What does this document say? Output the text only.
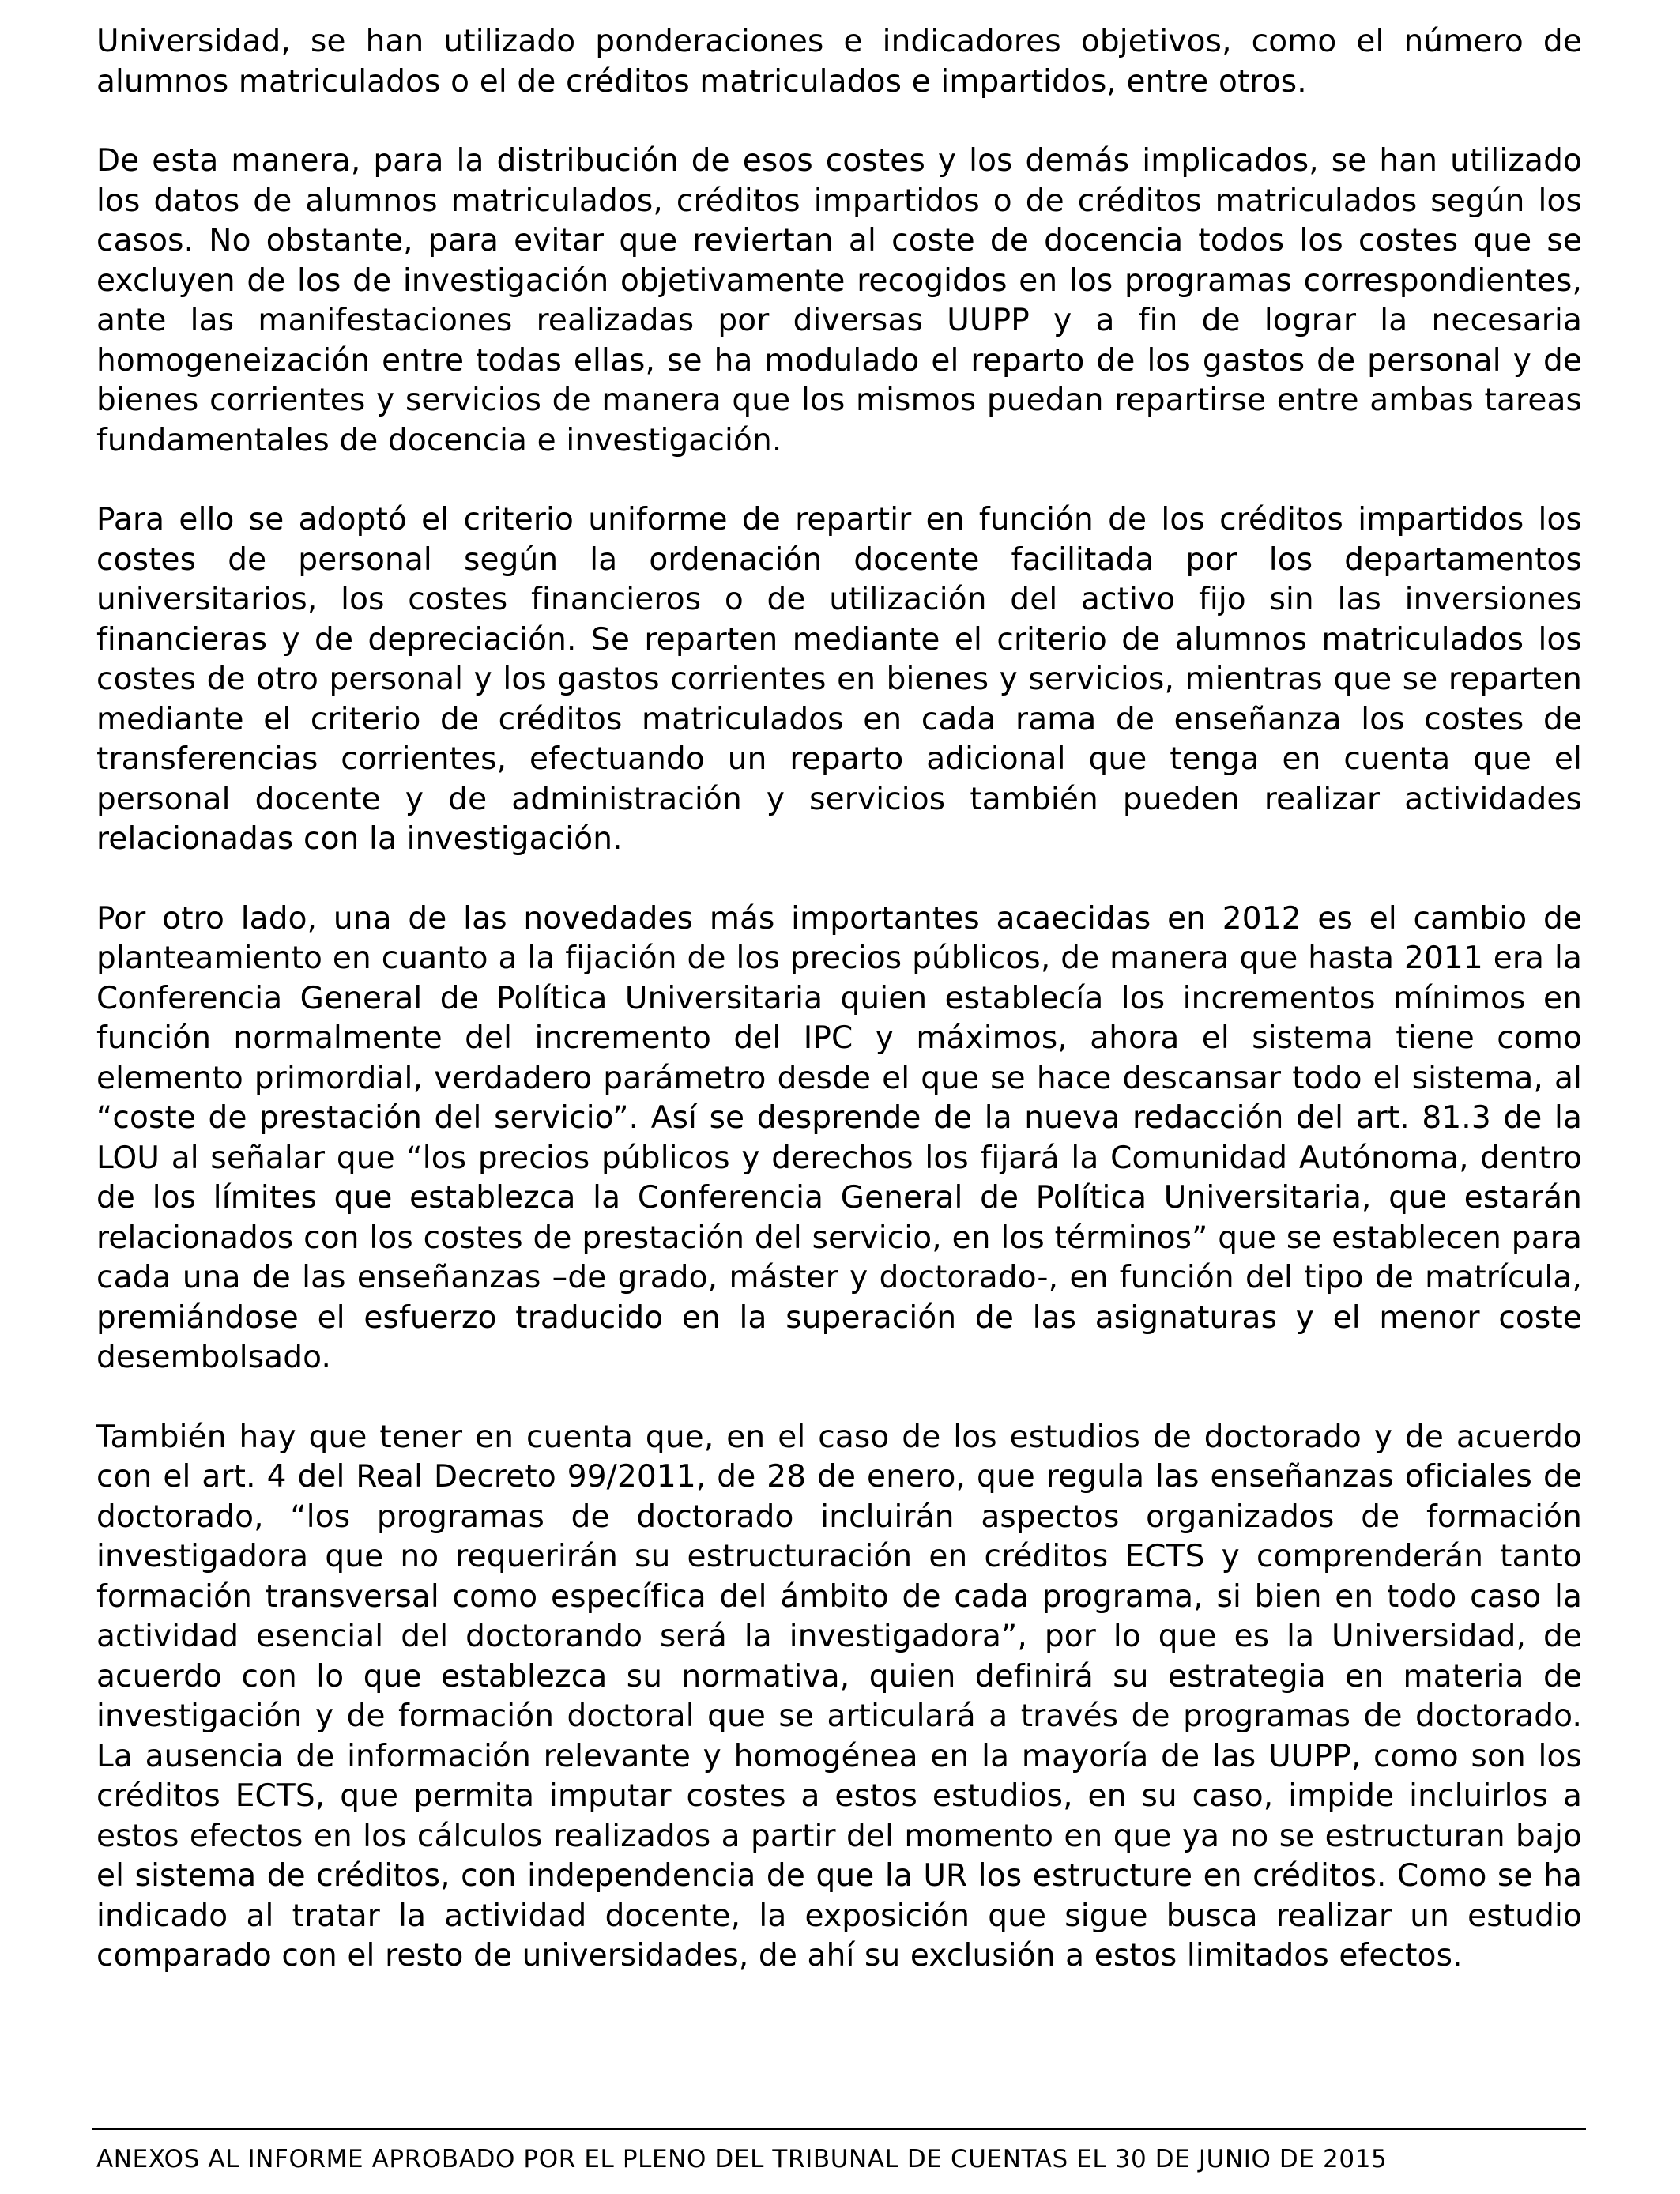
Universidad, se han utilizado ponderaciones e indicadores objetivos, como el número de alumnos matriculados o el de créditos matriculados e impartidos, entre otros.

De esta manera, para la distribución de esos costes y los demás implicados, se han utilizado los datos de alumnos matriculados, créditos impartidos o de créditos matriculados según los casos. No obstante, para evitar que reviertan al coste de docencia todos los costes que se excluyen de los de investigación objetivamente recogidos en los programas correspondientes, ante las manifestaciones realizadas por diversas UUPP y a fin de lograr la necesaria homogeneización entre todas ellas, se ha modulado el reparto de los gastos de personal y de bienes corrientes y servicios de manera que los mismos puedan repartirse entre ambas tareas fundamentales de docencia e investigación.

Para ello se adoptó el criterio uniforme de repartir en función de los créditos impartidos los costes de personal según la ordenación docente facilitada por los departamentos universitarios, los costes financieros o de utilización del activo fijo sin las inversiones financieras y de depreciación. Se reparten mediante el criterio de alumnos matriculados los costes de otro personal y los gastos corrientes en bienes y servicios, mientras que se reparten mediante el criterio de créditos matriculados en cada rama de enseñanza los costes de transferencias corrientes, efectuando un reparto adicional que tenga en cuenta que el personal docente y de administración y servicios también pueden realizar actividades relacionadas con la investigación.

Por otro lado, una de las novedades más importantes acaecidas en 2012 es el cambio de planteamiento en cuanto a la fijación de los precios públicos, de manera que hasta 2011 era la Conferencia General de Política Universitaria quien establecía los incrementos mínimos en función normalmente del incremento del IPC y máximos, ahora el sistema tiene como elemento primordial, verdadero parámetro desde el que se hace descansar todo el sistema, al “coste de prestación del servicio”. Así se desprende de la nueva redacción del art. 81.3 de la LOU al señalar que “los precios públicos y derechos los fijará la Comunidad Autónoma, dentro de los límites que establezca la Conferencia General de Política Universitaria, que estarán relacionados con los costes de prestación del servicio, en los términos” que se establecen para cada una de las enseñanzas –de grado, máster y doctorado-, en función del tipo de matrícula, premiándose el esfuerzo traducido en la superación de las asignaturas y el menor coste desembolsado.

También hay que tener en cuenta que, en el caso de los estudios de doctorado y de acuerdo con el art. 4 del Real Decreto 99/2011, de 28 de enero, que regula las enseñanzas oficiales de doctorado, “los programas de doctorado incluirán aspectos organizados de formación investigadora que no requerirán su estructuración en créditos ECTS y comprenderán tanto formación transversal como específica del ámbito de cada programa, si bien en todo caso la actividad esencial del doctorando será la investigadora”, por lo que es la Universidad, de acuerdo con lo que establezca su normativa, quien definirá su estrategia en materia de investigación y de formación doctoral que se articulará a través de programas de doctorado. La ausencia de información relevante y homogénea en la mayoría de las UUPP, como son los créditos ECTS, que permita imputar costes a estos estudios, en su caso, impide incluirlos a estos efectos en los cálculos realizados a partir del momento en que ya no se estructuran bajo el sistema de créditos, con independencia de que la UR los estructure en créditos. Como se ha indicado al tratar la actividad docente, la exposición que sigue busca realizar un estudio comparado con el resto de universidades, de ahí su exclusión a estos limitados efectos.

ANEXOS AL INFORME APROBADO POR EL PLENO DEL TRIBUNAL DE CUENTAS EL 30 DE JUNIO DE 2015
